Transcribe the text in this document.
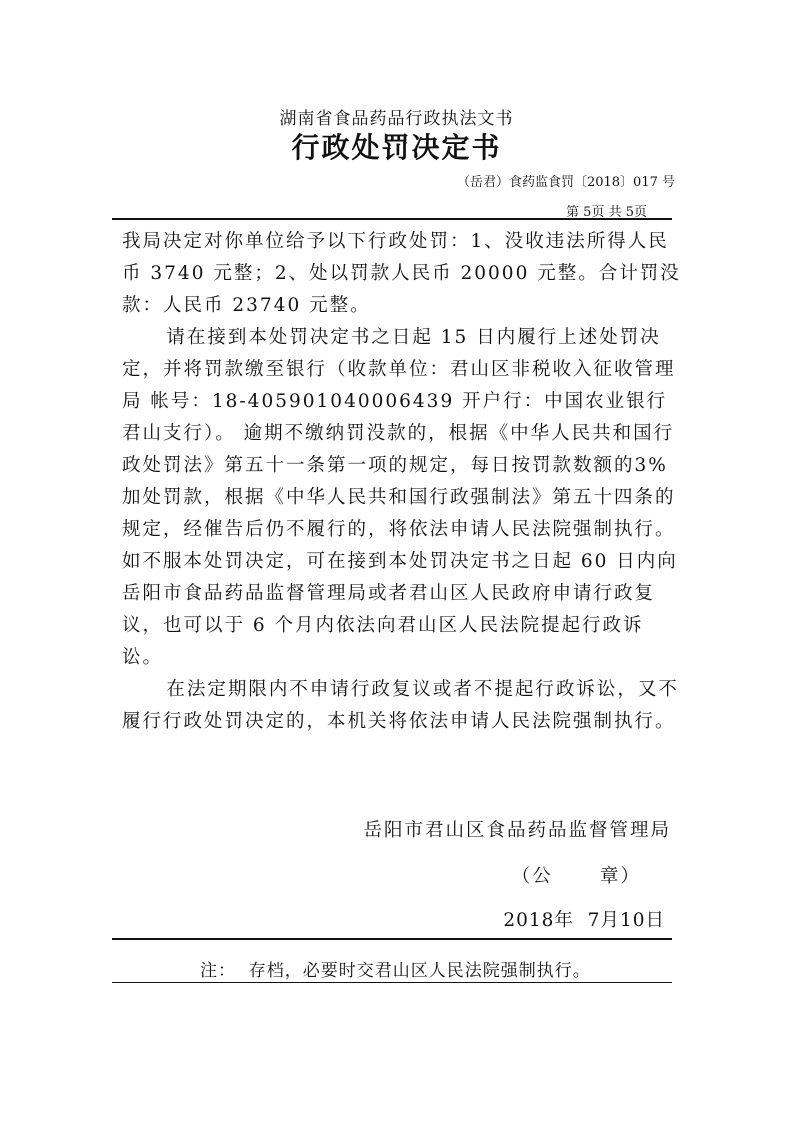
湖南省食品药品行政执法文书
行政处罚决定书
（岳君）食药监食罚〔2018〕017 号
第 5页 共 5页

我局决定对你单位给予以下行政处罚：1、没收违法所得人民币 3740 元整；2、处以罚款人民币 20000 元整。合计罚没款：人民币 23740 元整。

请在接到本处罚决定书之日起 15 日内履行上述处罚决定，并将罚款缴至银行（收款单位：君山区非税收入征收管理局 帐号：18-405901040006439 开户行：中国农业银行君山支行）。 逾期不缴纳罚没款的，根据《中华人民共和国行政处罚法》第五十一条第一项的规定，每日按罚款数额的3%加处罚款，根据《中华人民共和国行政强制法》第五十四条的规定，经催告后仍不履行的，将依法申请人民法院强制执行。如不服本处罚决定，可在接到本处罚决定书之日起 60 日内向岳阳市食品药品监督管理局或者君山区人民政府申请行政复议，也可以于 6 个月内依法向君山区人民法院提起行政诉讼。

在法定期限内不申请行政复议或者不提起行政诉讼，又不履行行政处罚决定的，本机关将依法申请人民法院强制执行。

岳阳市君山区食品药品监督管理局
（公      章）
2018年  7月10日
注：  存档，必要时交君山区人民法院强制执行。
